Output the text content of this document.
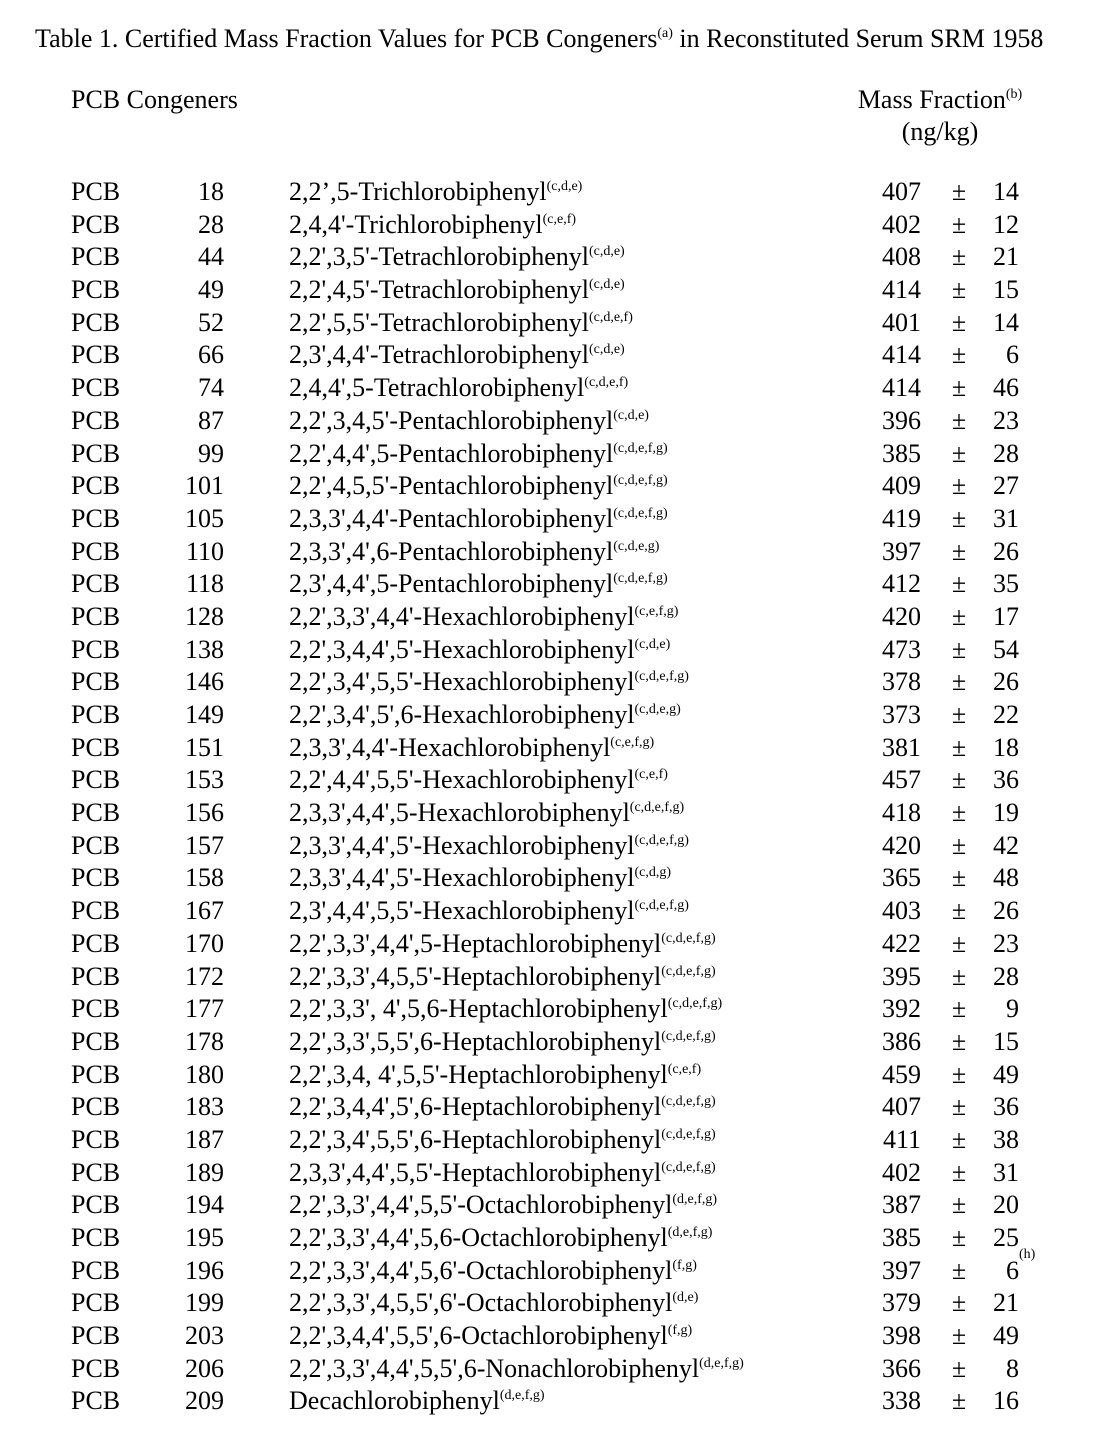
Table 1. Certified Mass Fraction Values for PCB Congeners$^{(a)}$ in Reconstituted Serum SRM 1958
PCB Congeners	Mass Fraction$^{(b)}$
(ng/kg)
PCB	18	2,2’,5-Trichlorobiphenyl$^{(c,d,e)}$	407 ±	14
PCB	28	2,4,4'-Trichlorobiphenyl$^{(c,e,f)}$	402 ±	12
PCB	44	2,2',3,5'-Tetrachlorobiphenyl$^{(c,d,e)}$	408 ±	21
PCB	49	2,2',4,5'-Tetrachlorobiphenyl$^{(c,d,e)}$	414 ±	15
PCB	52	2,2',5,5'-Tetrachlorobiphenyl$^{(c,d,e,f)}$	401 ±	14
PCB	66	2,3',4,4'-Tetrachlorobiphenyl$^{(c,d,e)}$	414 ±	6
PCB	74	2,4,4',5-Tetrachlorobiphenyl$^{(c,d,e,f)}$	414 ±	46
PCB	87	2,2',3,4,5'-Pentachlorobiphenyl$^{(c,d,e)}$	396 ±	23
PCB	99	2,2',4,4',5-Pentachlorobiphenyl$^{(c,d,e,f,g)}$	385 ±	28
PCB	101	2,2',4,5,5'-Pentachlorobiphenyl$^{(c,d,e,f,g)}$	409 ±	27
PCB	105	2,3,3',4,4'-Pentachlorobiphenyl$^{(c,d,e,f,g)}$	419 ±	31
PCB	110	2,3,3',4',6-Pentachlorobiphenyl$^{(c,d,e,g)}$	397 ±	26
PCB	118	2,3',4,4',5-Pentachlorobiphenyl$^{(c,d,e,f,g)}$	412 ±	35
PCB	128	2,2',3,3',4,4'-Hexachlorobiphenyl$^{(c,e,f,g)}$	420 ±	17
PCB	138	2,2',3,4,4',5'-Hexachlorobiphenyl$^{(c,d,e)}$	473 ±	54
PCB	146	2,2',3,4',5,5'-Hexachlorobiphenyl$^{(c,d,e,f,g)}$	378 ±	26
PCB	149	2,2',3,4',5',6-Hexachlorobiphenyl$^{(c,d,e,g)}$	373 ±	22
PCB	151	2,3,3',4,4'-Hexachlorobiphenyl$^{(c,e,f,g)}$	381 ±	18
PCB	153	2,2',4,4',5,5'-Hexachlorobiphenyl$^{(c,e,f)}$	457 ±	36
PCB	156	2,3,3',4,4',5-Hexachlorobiphenyl$^{(c,d,e,f,g)}$	418 ±	19
PCB	157	2,3,3',4,4',5'-Hexachlorobiphenyl$^{(c,d,e,f,g)}$	420 ±	42
PCB	158	2,3,3',4,4',5'-Hexachlorobiphenyl$^{(c,d,g)}$	365 ±	48
PCB	167	2,3',4,4',5,5'-Hexachlorobiphenyl$^{(c,d,e,f,g)}$	403 ±	26
PCB	170	2,2',3,3',4,4',5-Heptachlorobiphenyl$^{(c,d,e,f,g)}$	422 ±	23
PCB	172	2,2',3,3',4,5,5'-Heptachlorobiphenyl$^{(c,d,e,f,g)}$	395 ±	28
PCB	177	2,2',3,3', 4',5,6-Heptachlorobiphenyl$^{(c,d,e,f,g)}$	392 ±	9
PCB	178	2,2',3,3',5,5',6-Heptachlorobiphenyl$^{(c,d,e,f,g)}$	386 ±	15
PCB	180	2,2',3,4, 4',5,5'-Heptachlorobiphenyl$^{(c,e,f)}$	459 ±	49
PCB	183	2,2',3,4,4',5',6-Heptachlorobiphenyl$^{(c,d,e,f,g)}$	407 ±	36
PCB	187	2,2',3,4',5,5',6-Heptachlorobiphenyl$^{(c,d,e,f,g)}$	411 ±	38
PCB	189	2,3,3',4,4',5,5'-Heptachlorobiphenyl$^{(c,d,e,f,g)}$	402 ±	31
PCB	194	2,2',3,3',4,4',5,5'-Octachlorobiphenyl$^{(d,e,f,g)}$	387 ±	20
PCB	195	2,2',3,3',4,4',5,6-Octachlorobiphenyl$^{(d,e,f,g)}$	385 ±	25
PCB	196	2,2',3,3',4,4',5,6'-Octachlorobiphenyl$^{(f,g)}$	397 ±	6
(h)
PCB	199	2,2',3,3',4,5,5',6'-Octachlorobiphenyl$^{(d,e)}$	379 ±	21
PCB	203	2,2',3,4,4',5,5',6-Octachlorobiphenyl$^{(f,g)}$	398 ±	49
PCB	206	2,2',3,3',4,4',5,5',6-Nonachlorobiphenyl$^{(d,e,f,g)}$	366 ±	8
PCB	209	Decachlorobiphenyl$^{(d,e,f,g)}$	338 ±	16
